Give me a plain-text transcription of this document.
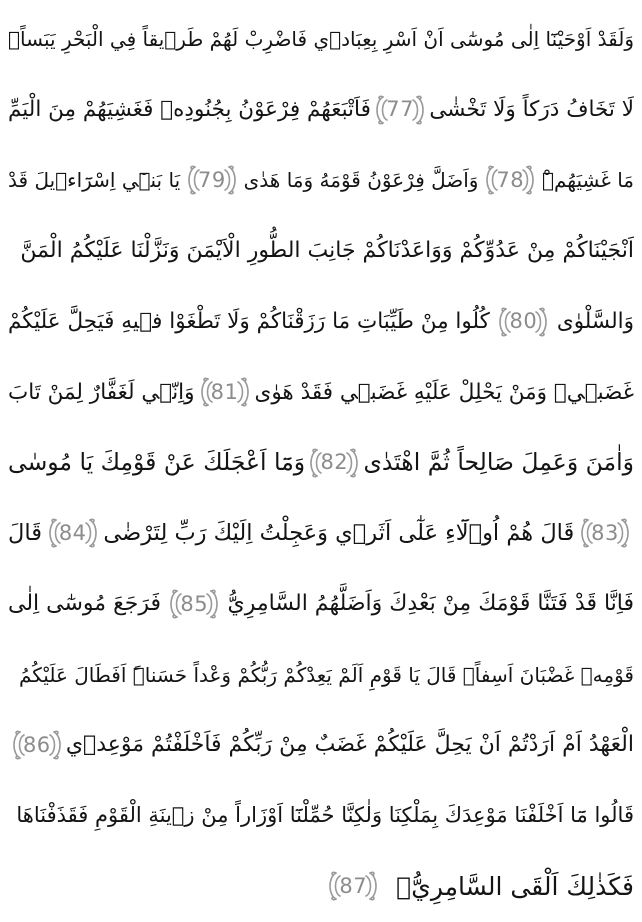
وَلَقَدْ اَوْحَيْنَٓا اِلٰى مُوسٰٓى اَنْ اَسْرِ بِعِبَاد۪ي فَاضْرِبْ لَهُمْ طَر۪يقاً فِي الْبَحْرِ يَبَساًۙ
لَا تَخَافُ دَرَكاً وَلَا تَخْشٰى
77
فَاَتْبَعَهُمْ فِرْعَوْنُ بِجُنُودِه۪ فَغَشِيَهُمْ مِنَ الْيَمِّ
مَا غَشِيَهُمْۜ
78
وَاَضَلَّ فِرْعَوْنُ قَوْمَهُ وَمَا هَدٰى
79
يَا بَن۪ٓي اِسْرَٓاء۪يلَ قَدْ
اَنْجَيْنَاكُمْ مِنْ عَدُوِّكُمْ وَوَاعَدْنَاكُمْ جَانِبَ الطُّورِ الْاَيْمَنَ وَنَزَّلْنَا عَلَيْكُمُ الْمَنَّ
وَالسَّلْوٰى
80
كُلُوا مِنْ طَيِّبَاتِ مَا رَزَقْنَاكُمْ وَلَا تَطْغَوْا ف۪يهِ فَيَحِلَّ عَلَيْكُمْ
غَضَب۪يۚ وَمَنْ يَحْلِلْ عَلَيْهِ غَضَب۪ي فَقَدْ هَوٰى
81
وَاِنّ۪ي لَغَفَّارٌ لِمَنْ تَابَ
وَاٰمَنَ وَعَمِلَ صَالِحاً ثُمَّ اهْتَدٰى
82
وَمَٓا اَعْجَلَكَ عَنْ قَوْمِكَ يَا مُوسٰى
83
قَالَ هُمْ اُو۬لَٓاءِ عَلٰٓى اَثَر۪ي وَعَجِلْتُ اِلَيْكَ رَبِّ لِتَرْضٰى
84
قَالَ
فَاِنَّا قَدْ فَتَنَّا قَوْمَكَ مِنْ بَعْدِكَ وَاَضَلَّهُمُ السَّامِرِيُّ
85
فَرَجَعَ مُوسٰٓى اِلٰى
قَوْمِه۪ غَضْبَانَ اَسِفاًۚ قَالَ يَا قَوْمِ اَلَمْ يَعِدْكُمْ رَبُّكُمْ وَعْداً حَسَناًۜ اَفَطَالَ عَلَيْكُمُ
الْعَهْدُ اَمْ اَرَدْتُمْ اَنْ يَحِلَّ عَلَيْكُمْ غَضَبٌ مِنْ رَبِّكُمْ فَاَخْلَفْتُمْ مَوْعِد۪ي
86
قَالُوا مَٓا اَخْلَفْنَا مَوْعِدَكَ بِمَلْكِنَا وَلٰكِنَّا حُمِّلْنَٓا اَوْزَاراً مِنْ ز۪ينَةِ الْقَوْمِ فَقَذَفْنَاهَا
فَكَذٰلِكَ اَلْقَى السَّامِرِيُّۙ
87
